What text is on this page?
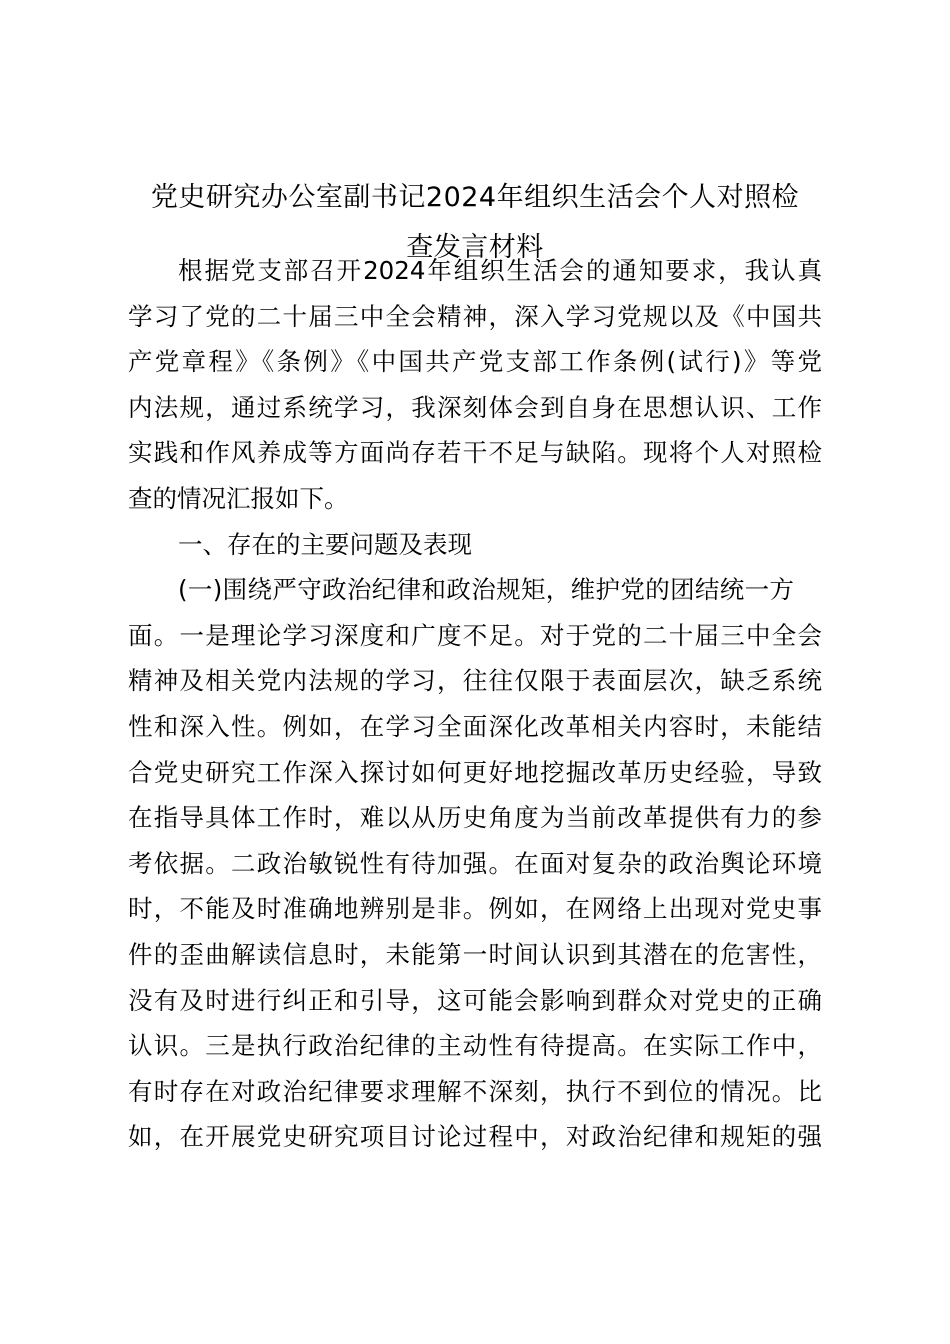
党史研究办公室副书记2024年组织生活会个人对照检
查发言材料
根据党支部召开2024年组织生活会的通知要求，我认真
学习了党的二十届三中全会精神，深入学习党规以及《中国共
产党章程》《条例》《中国共产党支部工作条例(试行)》等党
内法规，通过系统学习，我深刻体会到自身在思想认识、工作
实践和作风养成等方面尚存若干不足与缺陷。现将个人对照检
查的情况汇报如下。
一、存在的主要问题及表现
(一)围绕严守政治纪律和政治规矩，维护党的团结统一方
面。一是理论学习深度和广度不足。对于党的二十届三中全会
精神及相关党内法规的学习，往往仅限于表面层次，缺乏系统
性和深入性。例如，在学习全面深化改革相关内容时，未能结
合党史研究工作深入探讨如何更好地挖掘改革历史经验，导致
在指导具体工作时，难以从历史角度为当前改革提供有力的参
考依据。二政治敏锐性有待加强。在面对复杂的政治舆论环境
时，不能及时准确地辨别是非。例如，在网络上出现对党史事
件的歪曲解读信息时，未能第一时间认识到其潜在的危害性，
没有及时进行纠正和引导，这可能会影响到群众对党史的正确
认识。三是执行政治纪律的主动性有待提高。在实际工作中，
有时存在对政治纪律要求理解不深刻，执行不到位的情况。比
如，在开展党史研究项目讨论过程中，对政治纪律和规矩的强
